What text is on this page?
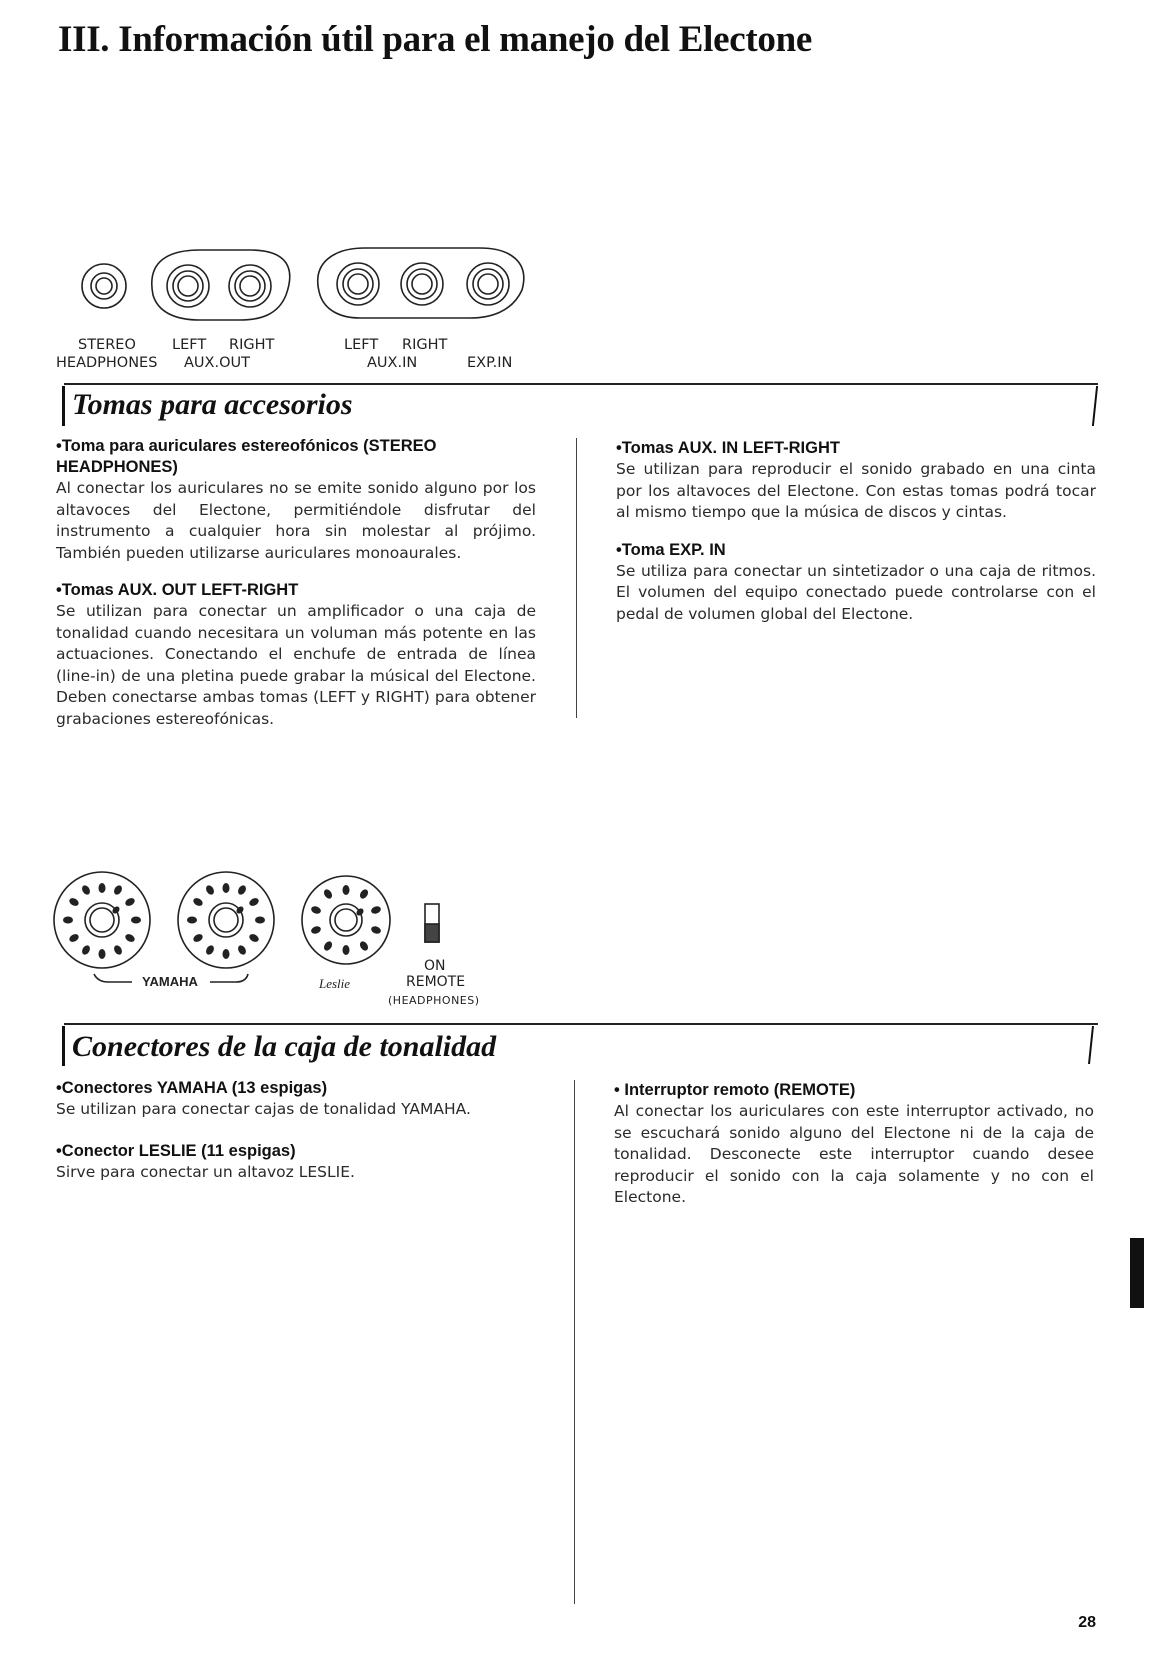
III. Información útil para el manejo del Electone
STEREO
HEADPHONES
LEFT RIGHT
AUX.OUT
LEFT RIGHT
AUX.IN	EXP.IN
Tomas para accesorios

•Toma para auriculares estereofónicos (STEREO HEADPHONES)

Al conectar los auriculares no se emite sonido alguno por los altavoces del Electone, permitiéndole disfrutar del instrumento a cualquier hora sin molestar al prójimo. También pueden utilizarse auriculares monoaurales.

•Tomas AUX. OUT LEFT-RIGHT

Se utilizan para conectar un amplificador o una caja de tonalidad cuando necesitara un voluman más potente en las actuaciones. Conectando el enchufe de entrada de línea (line-in) de una pletina puede grabar la músical del Electone. Deben conectarse ambas tomas (LEFT y RIGHT) para obtener grabaciones estereofónicas.

•Tomas AUX. IN LEFT-RIGHT

Se utilizan para reproducir el sonido grabado en una cinta por los altavoces del Electone. Con estas tomas podrá tocar al mismo tiempo que la música de discos y cintas.

•Toma EXP. IN

Se utiliza para conectar un sintetizador o una caja de ritmos. El volumen del equipo conectado puede controlarse con el pedal de volumen global del Electone.

YAMAHA	Leslie
ON
REMOTE
(HEADPHONES)
Conectores de la caja de tonalidad

•Conectores YAMAHA (13 espigas)

Se utilizan para conectar cajas de tonalidad YAMAHA.

•Conector LESLIE (11 espigas)

Sirve para conectar un altavoz LESLIE.

• Interruptor remoto (REMOTE)

Al conectar los auriculares con este interruptor activado, no se escuchará sonido alguno del Electone ni de la caja de tonalidad. Desconecte este interruptor cuando desee reproducir el sonido con la caja solamente y no con el Electone.

28
